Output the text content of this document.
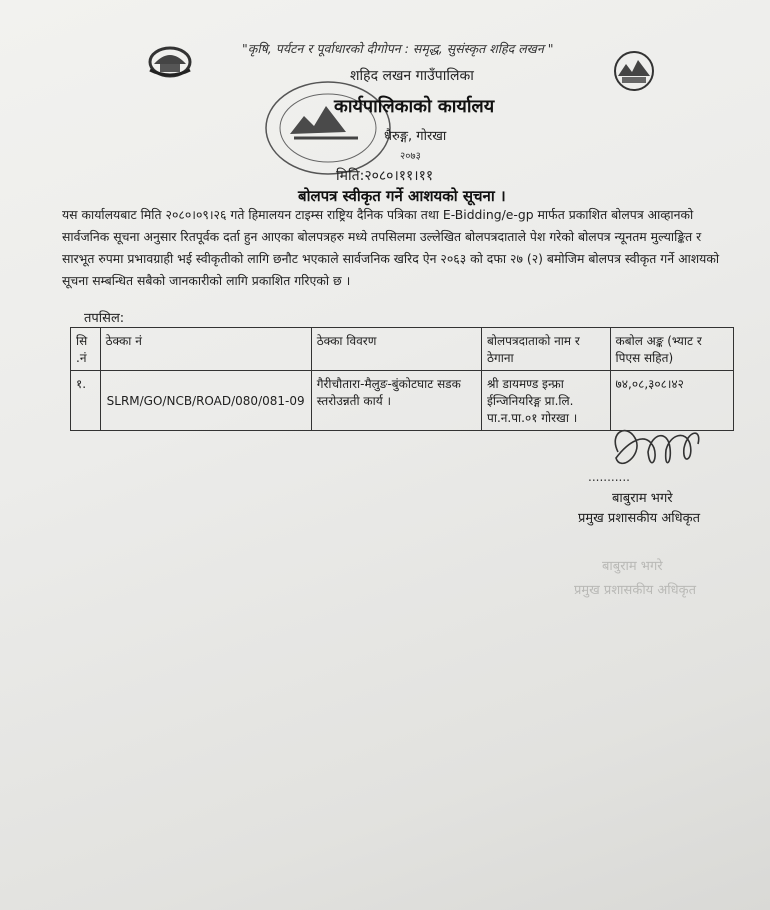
"कृषि, पर्यटन र पूर्वाधारको दीगोपन : समृद्ध, सुसंस्कृत शहिद लखन "
शहिद लखन गाउँपालिका
कार्यपालिकाको कार्यालय
धैरुङ्ग, गोरखा
२०७३
मिति:२०८०।११।११
बोलपत्र स्वीकृत गर्ने आशयको सूचना ।
यस कार्यालयबाट मिति २०८०।०९।२६ गते हिमालयन टाइम्स राष्ट्रिय दैनिक पत्रिका तथा E-Bidding/e-gp मार्फत प्रकाशित बोलपत्र आव्हानको सार्वजनिक सूचना अनुसार रितपूर्वक दर्ता हुन आएका बोलपत्रहरु मध्ये तपसिलमा उल्लेखित बोलपत्रदाताले पेश गरेको बोलपत्र न्यूनतम मुल्याङ्कित र सारभूत रुपमा प्रभावग्राही भई स्वीकृतीको लागि छनौट भएकाले सार्वजनिक खरिद ऐन २०६३ को दफा २७ (२) बमोजिम बोलपत्र स्वीकृत गर्ने आशयको सूचना सम्बन्धित सबैको जानकारीको लागि प्रकाशित गरिएको छ ।
तपसिल:
सि .नं	ठेक्का नं	ठेक्का विवरण	बोलपत्रदाताको नाम र ठेगाना	कबोल अङ्क (भ्याट र पिएस सहित)
१.	SLRM/GO/NCB/ROAD/080/081-09	गैरीचौतारा-मैलुङ-बुंकोटघाट सडक स्तरोउन्नती कार्य ।	श्री डायमण्ड इन्फ्रा ईन्जिनियरिङ्ग प्रा.लि. पा.न.पा.०१ गोरखा ।	७४,०८,३०८।४२
...........
बाबुराम भगरे
प्रमुख प्रशासकीय अधिकृत
बाबुराम भगरे
प्रमुख प्रशासकीय अधिकृत
